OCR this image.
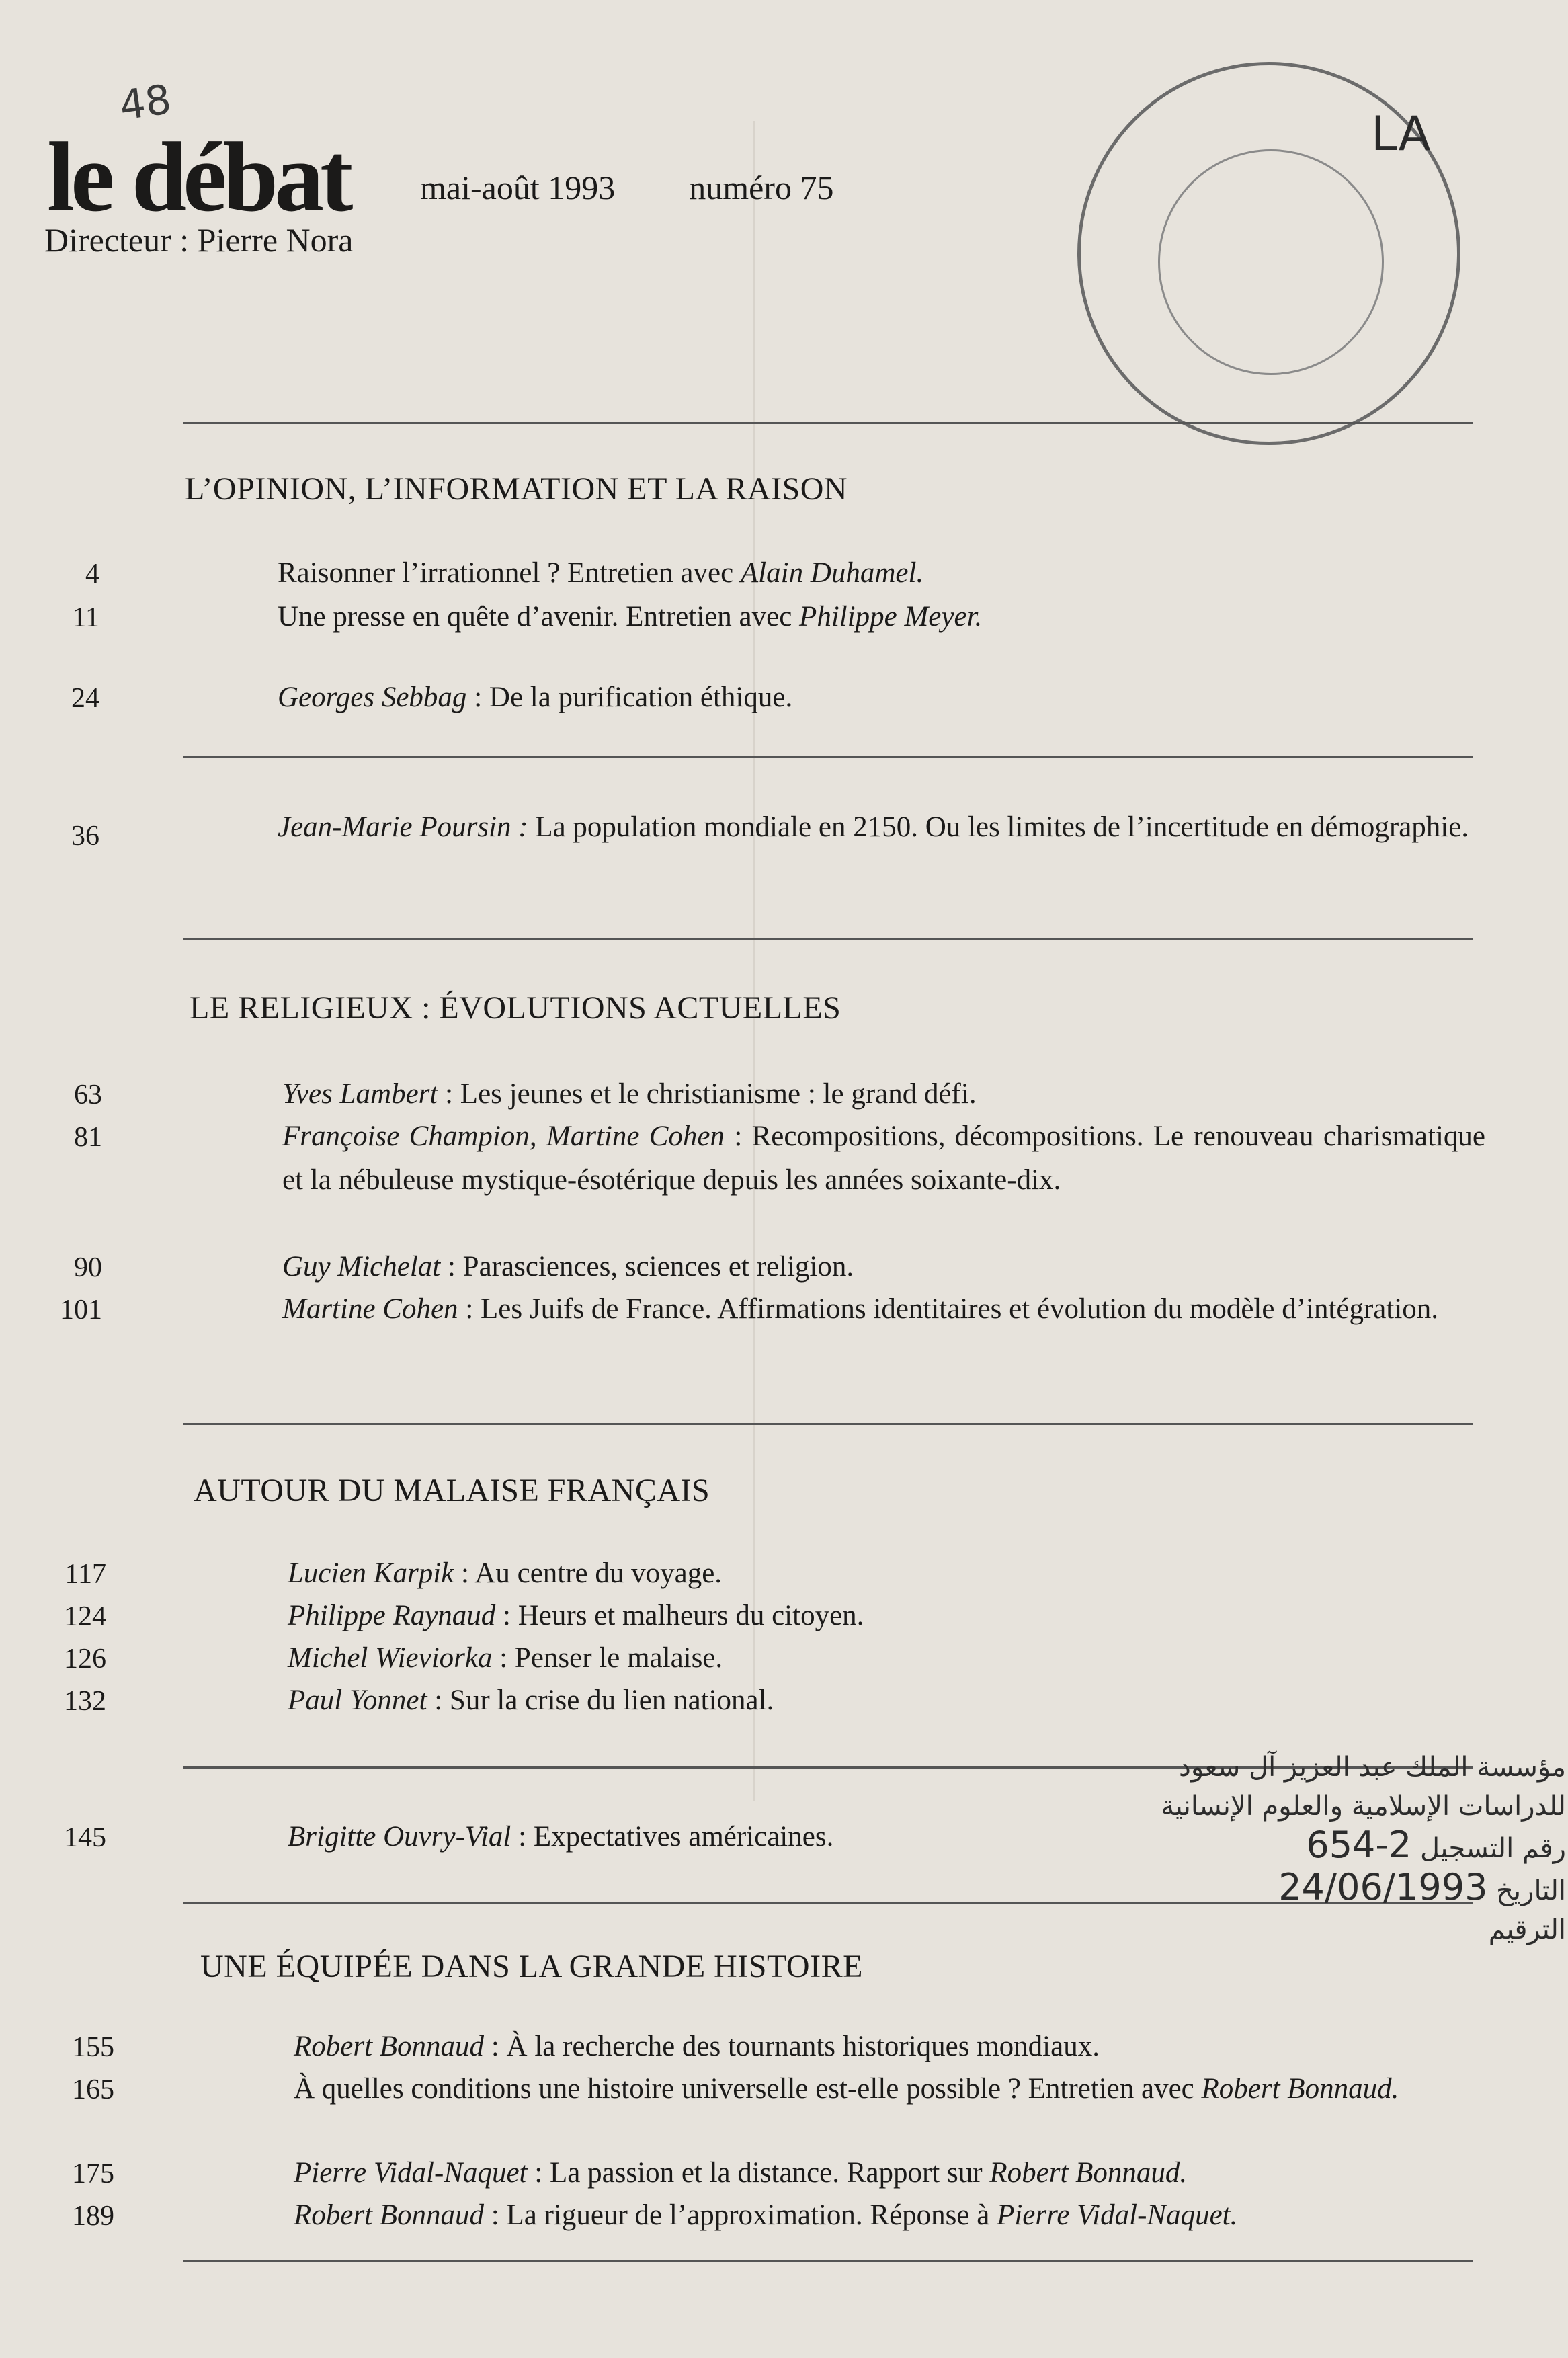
48
le débat mai-août 1993 numéro 75
Directeur : Pierre Nora
LA
L’OPINION, L’INFORMATION ET LA RAISON
4	Raisonner l’irrationnel ? Entretien avec Alain Duhamel.
11	Une presse en quête d’avenir. Entretien avec Philippe Meyer.
24	Georges Sebbag : De la purification éthique.
36	Jean-Marie Poursin : La population mondiale en 2150. Ou les limites de l’incertitude en démographie.
LE RELIGIEUX : ÉVOLUTIONS ACTUELLES
63	Yves Lambert : Les jeunes et le christianisme : le grand défi.
81	Françoise Champion, Martine Cohen : Recompositions, décompositions. Le renouveau charismatique et la nébuleuse mystique-ésotérique depuis les années soixante-dix.
90	Guy Michelat : Parasciences, sciences et religion.
101	Martine Cohen : Les Juifs de France. Affirmations identitaires et évolution du modèle d’intégration.
AUTOUR DU MALAISE FRANÇAIS
117	Lucien Karpik : Au centre du voyage.
124	Philippe Raynaud : Heurs et malheurs du citoyen.
126	Michel Wieviorka : Penser le malaise.
132	Paul Yonnet : Sur la crise du lien national.
145	Brigitte Ouvry-Vial : Expectatives américaines.
UNE ÉQUIPÉE DANS LA GRANDE HISTOIRE
155	Robert Bonnaud : À la recherche des tournants historiques mondiaux.
165	À quelles conditions une histoire universelle est-elle possible ? Entretien avec Robert Bonnaud.
175	Pierre Vidal-Naquet : La passion et la distance. Rapport sur Robert Bonnaud.
189	Robert Bonnaud : La rigueur de l’approximation. Réponse à Pierre Vidal-Naquet.
مؤسسة الملك عبد العزيز آل سعود
للدراسات الإسلامية والعلوم الإنسانية
رقم التسجيل 654-2
التاريخ 24/06/1993
الترقيم
